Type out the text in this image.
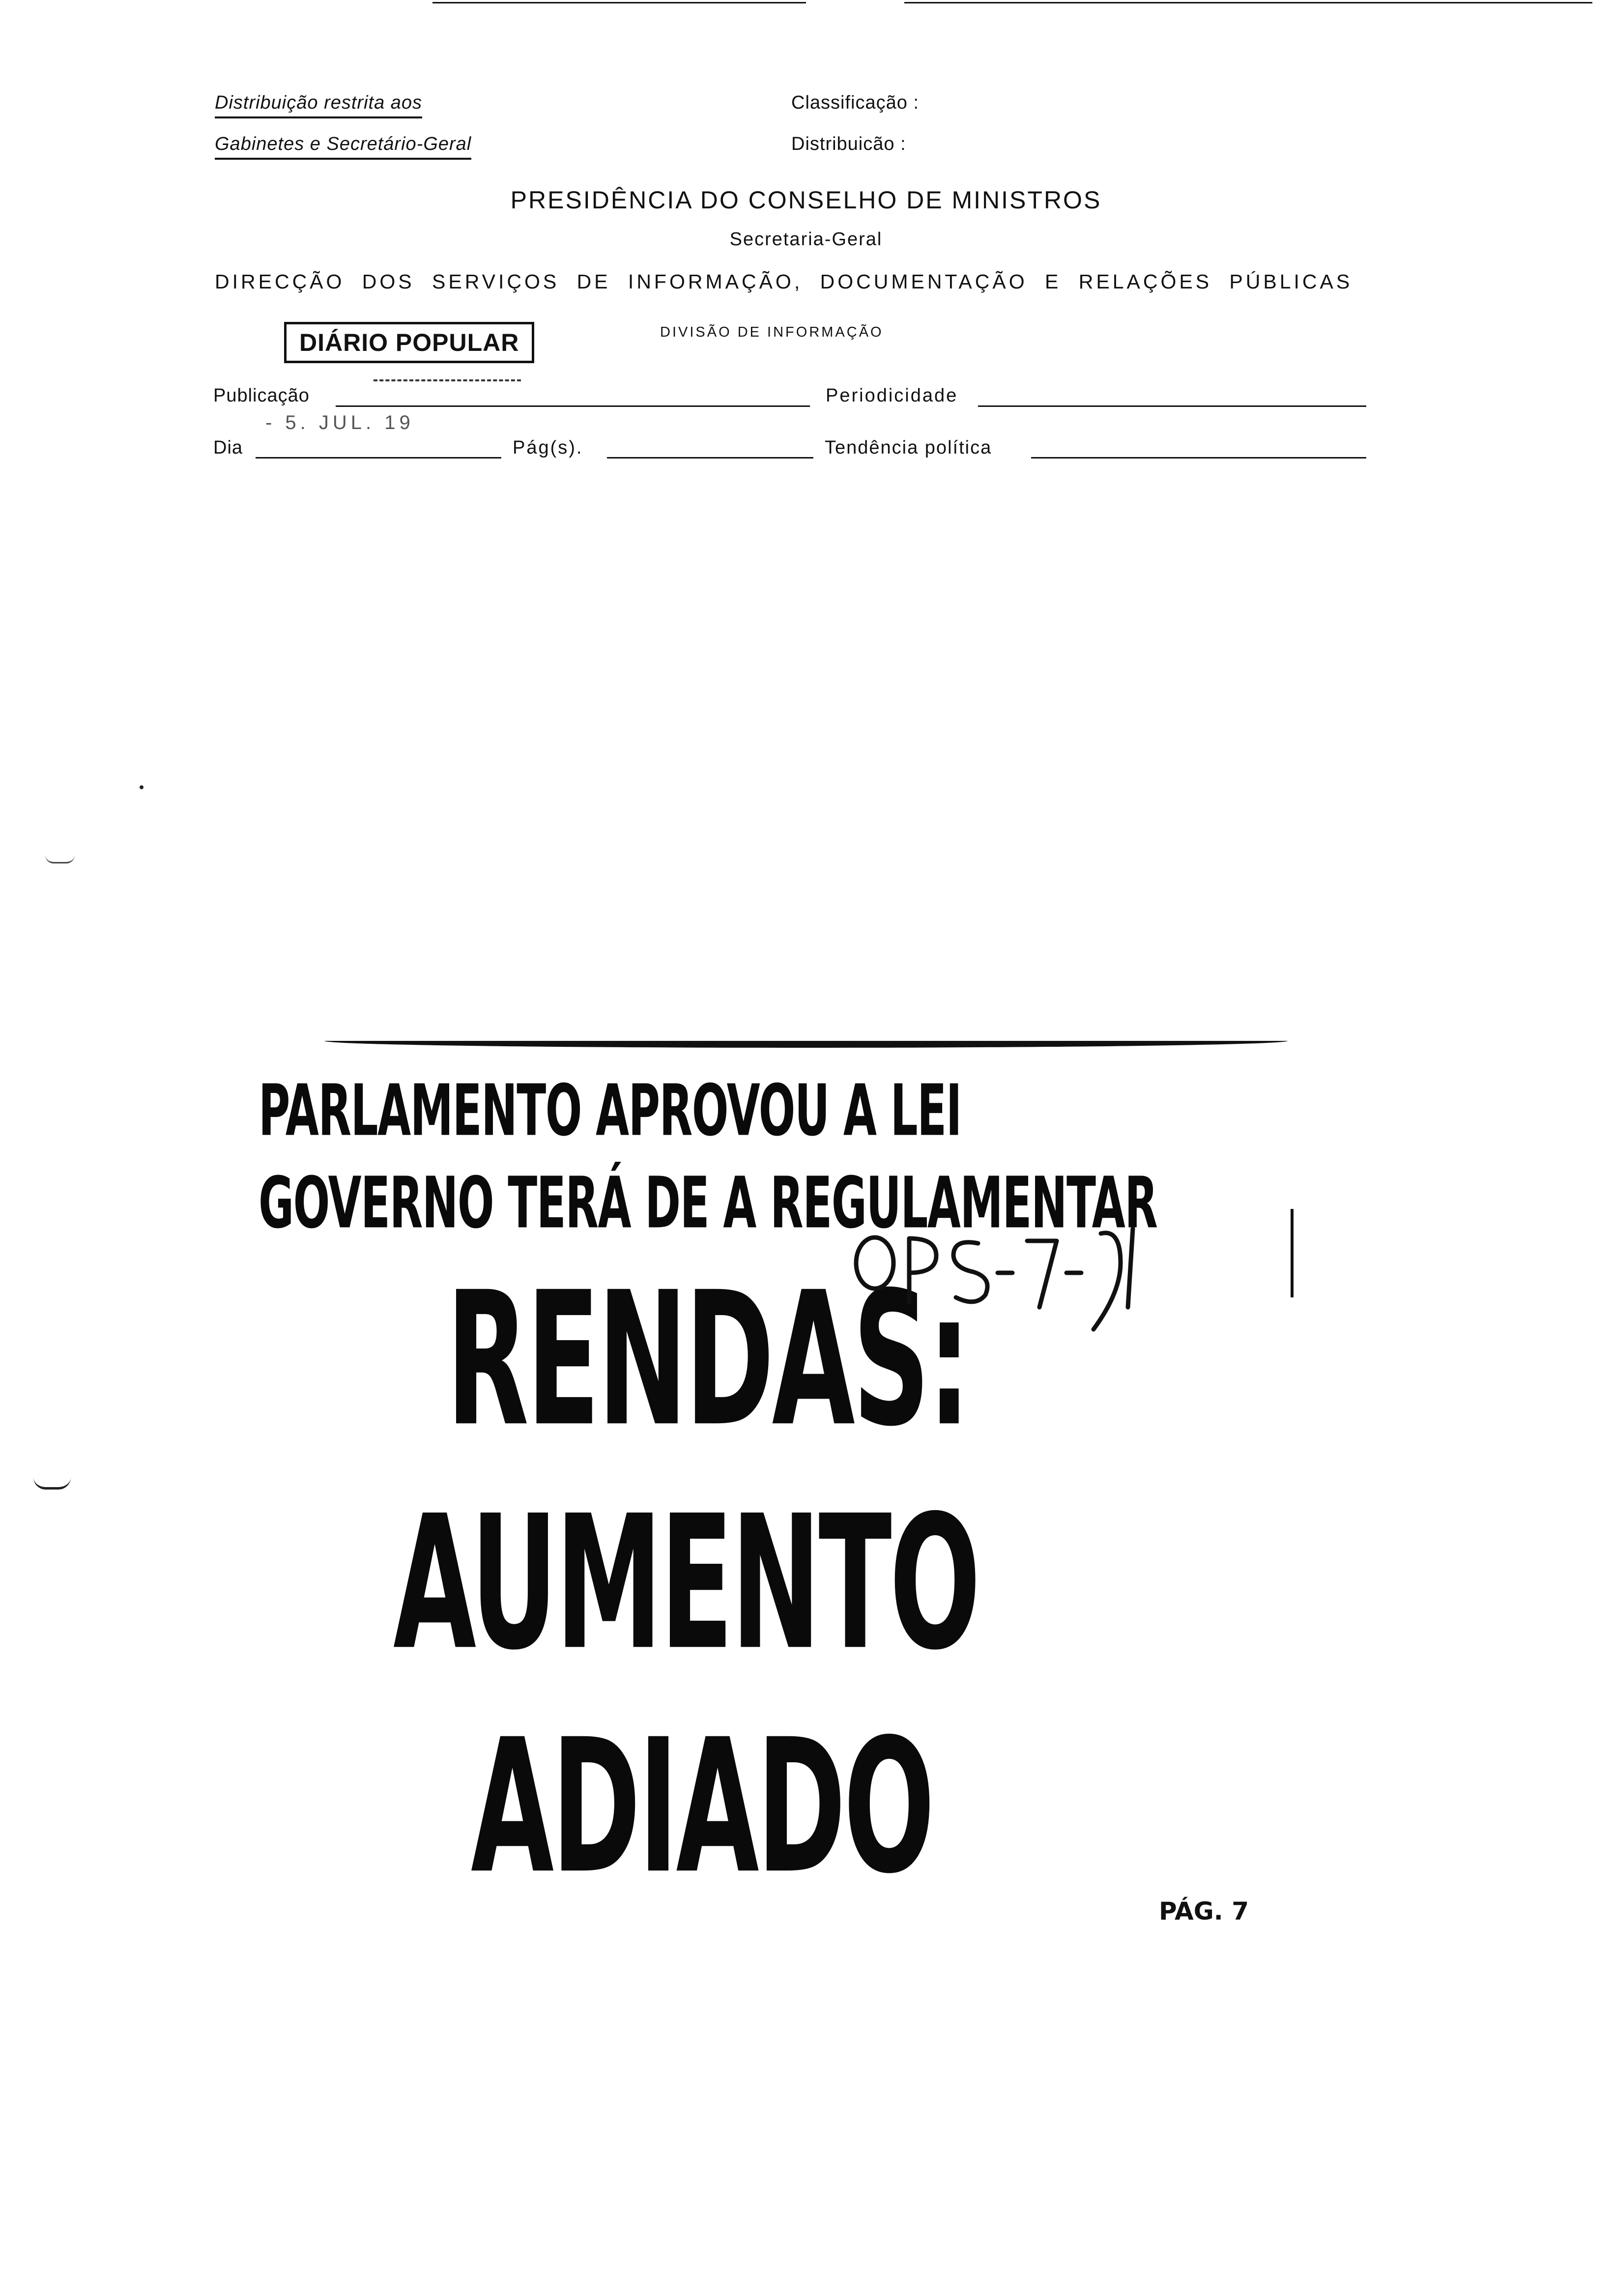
Distribuição restrita aos
Gabinetes e Secretário-Geral
Classificação :
Distribuicão :
PRESIDÊNCIA DO CONSELHO DE MINISTROS
Secretaria-Geral
DIRECÇÃO DOS SERVIÇOS DE INFORMAÇÃO, DOCUMENTAÇÃO E RELAÇÕES PÚBLICAS
DIÁRIO POPULAR	DIVISÃO DE INFORMAÇÃO
Publicação	Periodicidade
- 5. JUL. 19
Dia	Pág(s).	Tendência política
PARLAMENTO APROVOU A LEI
GOVERNO TERÁ DE A REGULAMENTAR
RENDAS:
AUMENTO
ADIADO	PÁG. 7
